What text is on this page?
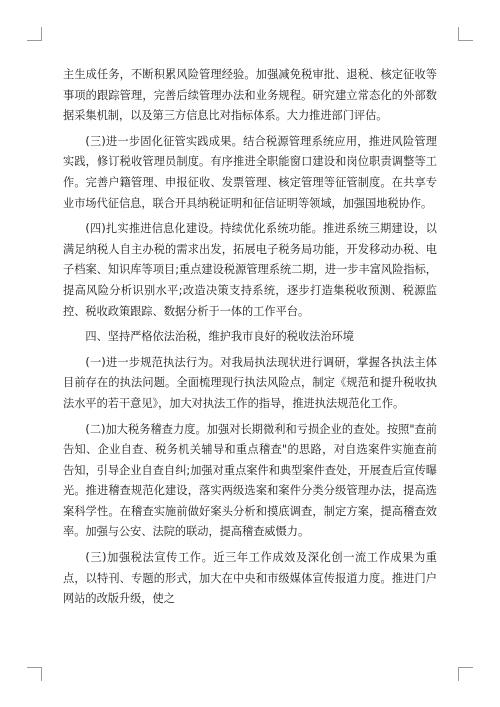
主生成任务，不断积累风险管理经验。加强减免税审批、退税、核定征收等事项的跟踪管理，完善后续管理办法和业务规程。研究建立常态化的外部数据采集机制，以及第三方信息比对指标体系。大力推进部门评估。

(三)进一步固化征管实践成果。结合税源管理系统应用，推进风险管理实践，修订税收管理员制度。有序推进全职能窗口建设和岗位职责调整等工作。完善户籍管理、申报征收、发票管理、核定管理等征管制度。在共享专业市场代征信息，联合开具纳税证明和征信证明等领域，加强国地税协作。

(四)扎实推进信息化建设。持续优化系统功能。推进系统三期建设，以满足纳税人自主办税的需求出发，拓展电子税务局功能，开发移动办税、电子档案、知识库等项目;重点建设税源管理系统二期，进一步丰富风险指标，提高风险分析识别水平;改造决策支持系统，逐步打造集税收预测、税源监控、税收政策跟踪、数据分析于一体的工作平台。

四、坚持严格依法治税，维护我市良好的税收法治环境

(一)进一步规范执法行为。对我局执法现状进行调研，掌握各执法主体目前存在的执法问题。全面梳理现行执法风险点，制定《规范和提升税收执法水平的若干意见》，加大对执法工作的指导，推进执法规范化工作。

(二)加大税务稽查力度。加强对长期微利和亏损企业的查处。按照"查前告知、企业自查、税务机关辅导和重点稽查"的思路，对自选案件实施查前告知，引导企业自查自纠;加强对重点案件和典型案件查处，开展查后宣传曝光。推进稽查规范化建设，落实两级选案和案件分类分级管理办法，提高选案科学性。在稽查实施前做好案头分析和摸底调查，制定方案，提高稽查效率。加强与公安、法院的联动，提高稽查威慑力。

(三)加强税法宣传工作。近三年工作成效及深化创一流工作成果为重点，以特刊、专题的形式，加大在中央和市级媒体宣传报道力度。推进门户网站的改版升级，使之
